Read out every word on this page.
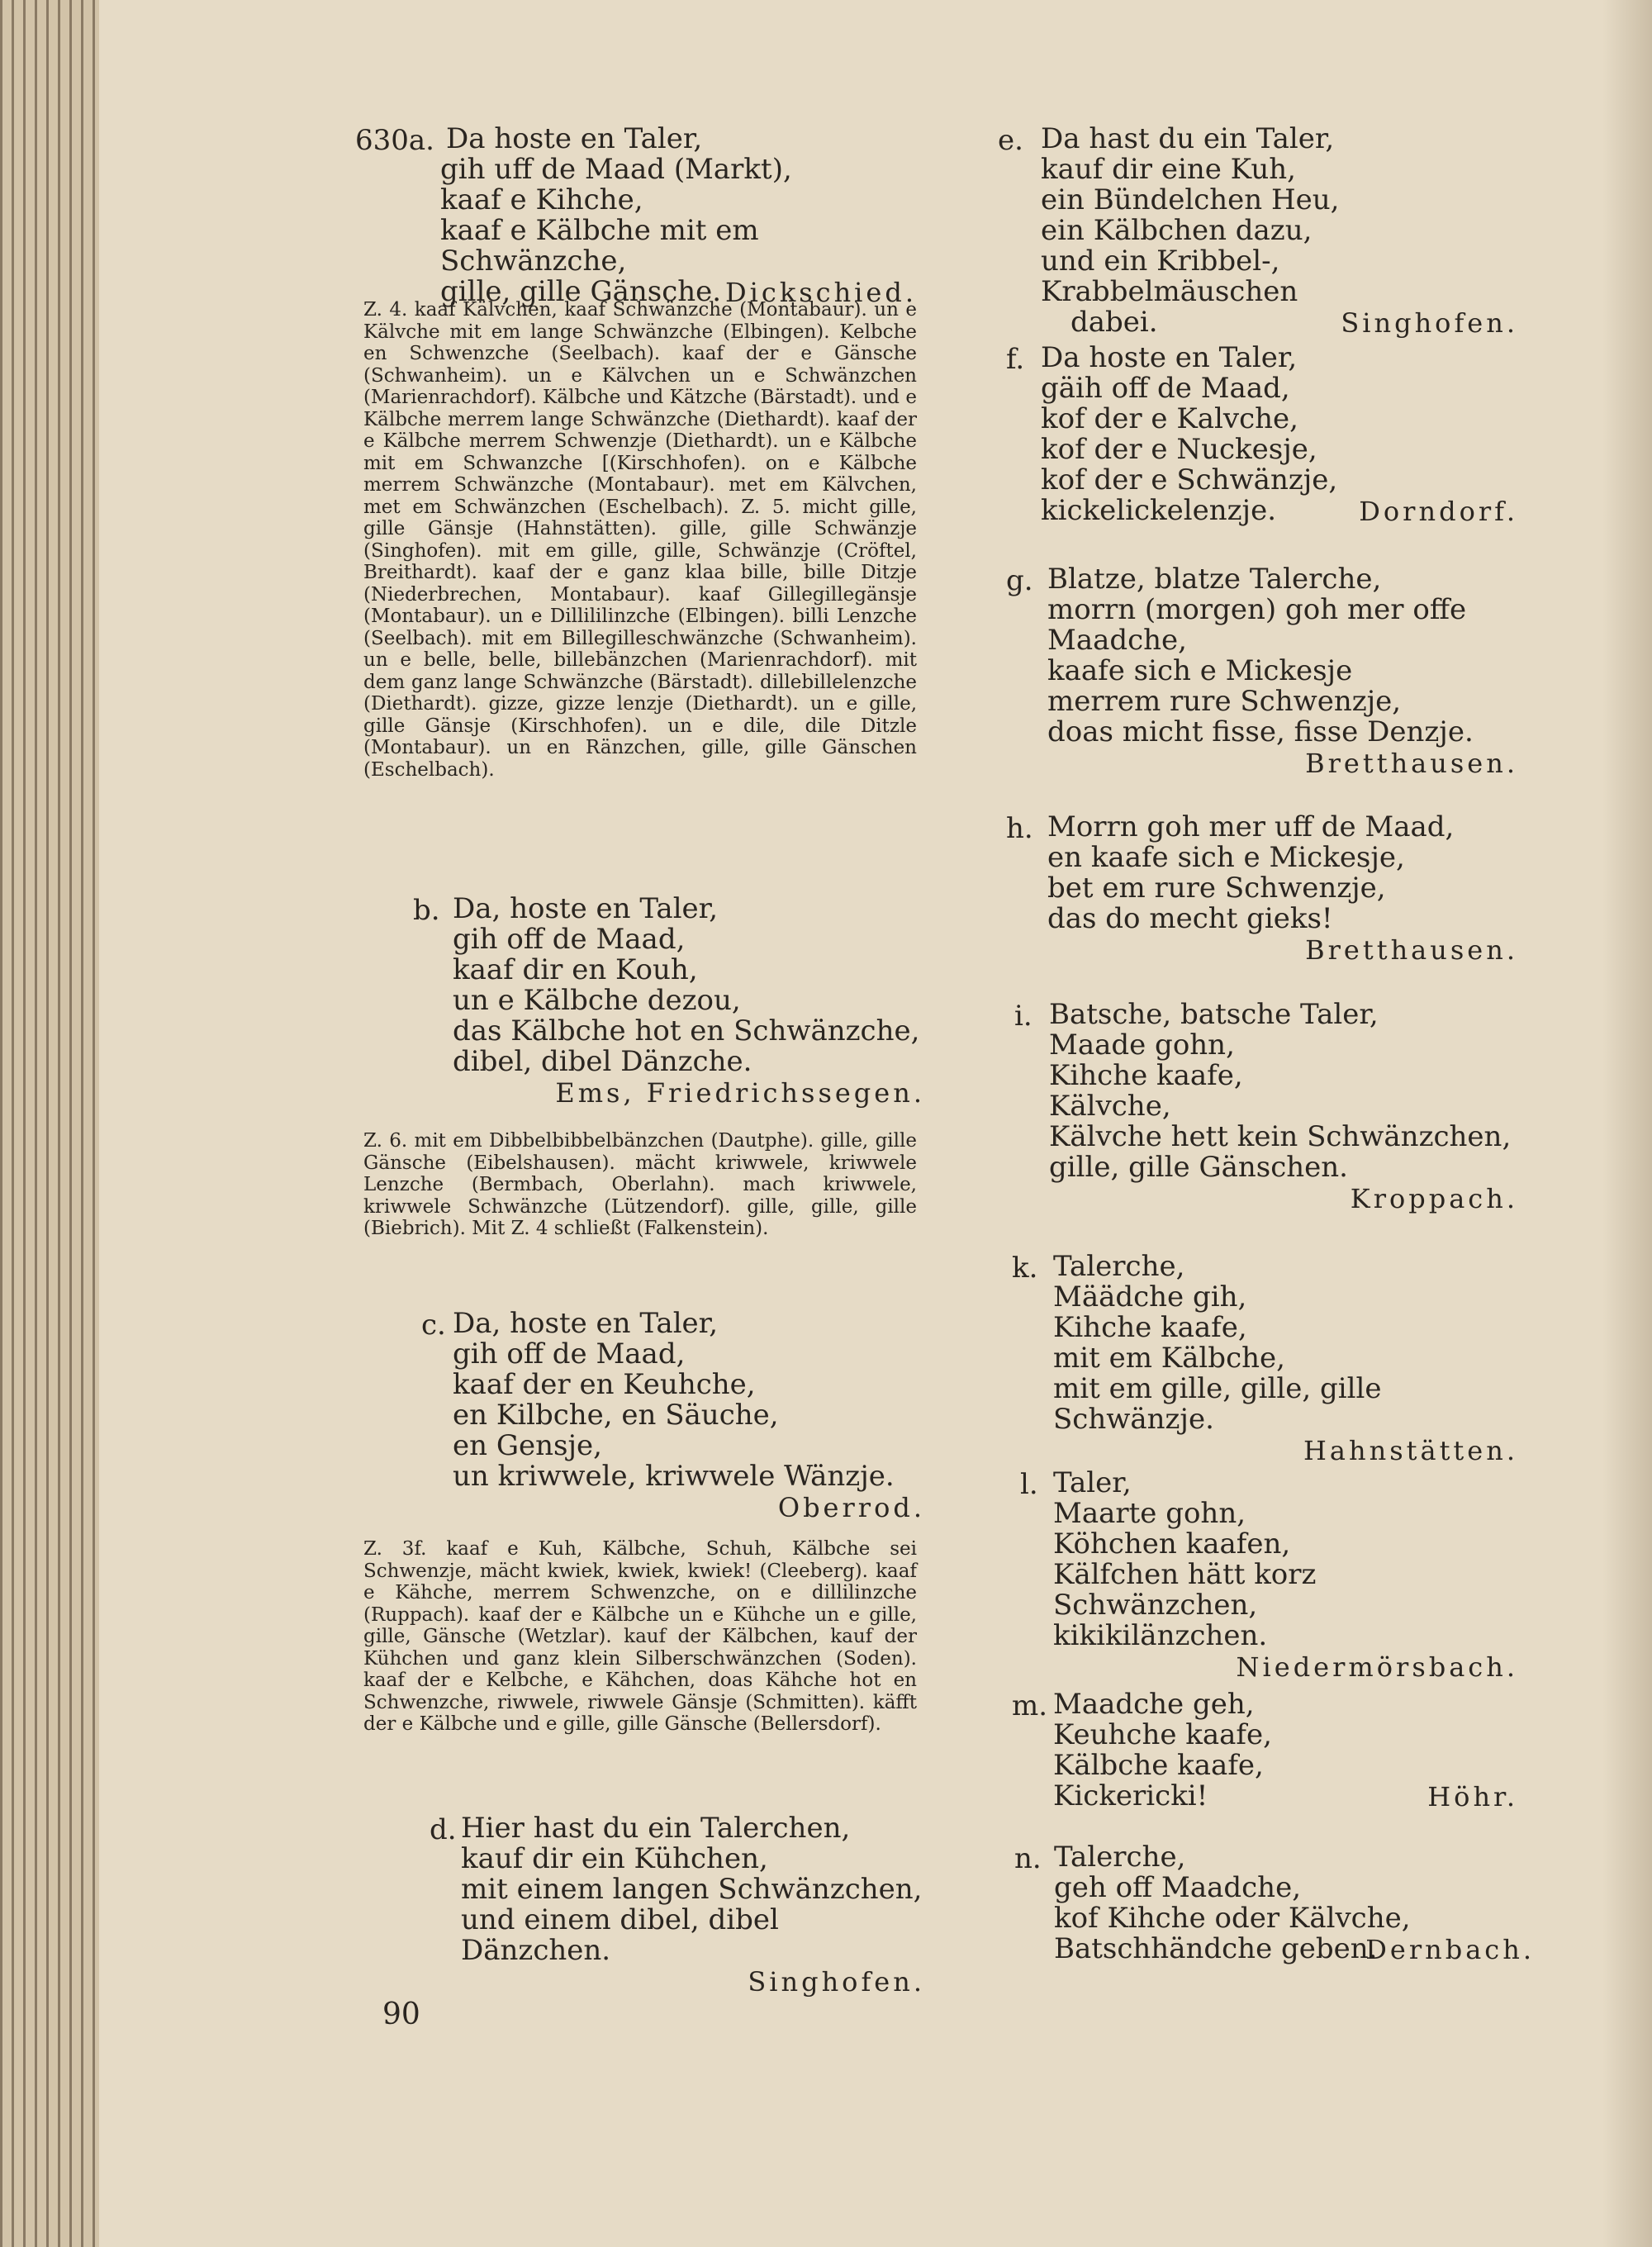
630a. Da hoste en Taler,
gih uff de Maad (Markt),
kaaf e Kihche,
kaaf e Kälbche mit em Schwänzche,
gille, gille Gänsche. Dickschied.
Z. 4. kaaf Kälvchen, kaaf Schwänzche (Montabaur). un e Kälvche mit em lange Schwänzche (Elbingen). Kelbche en Schwenzche (Seelbach). kaaf der e Gänsche (Schwanheim). un e Kälvchen un e Schwänzchen (Marienrachdorf). Kälbche und Kätzche (Bärstadt). und e Kälbche merrem lange Schwänzche (Diethardt). kaaf der e Kälbche merrem Schwenzje (Diethardt). un e Kälbche mit em Schwanzche [(Kirschhofen). on e Kälbche merrem Schwänzche (Montabaur). met em Kälvchen, met em Schwänzchen (Eschelbach). Z. 5. micht gille, gille Gänsje (Hahnstätten). gille, gille Schwänzje (Singhofen). mit em gille, gille, Schwänzje (Cröftel, Breithardt). kaaf der e ganz klaa bille, bille Ditzje (Niederbrechen, Montabaur). kaaf Gillegillegänsje (Montabaur). un e Dillililinzche (Elbingen). billi Lenzche (Seelbach). mit em Billegilleschwänzche (Schwanheim). un e belle, belle, billebänzchen (Marienrachdorf). mit dem ganz lange Schwänzche (Bärstadt). dillebillelenzche (Diethardt). gizze, gizze lenzje (Diethardt). un e gille, gille Gänsje (Kirschhofen). un e dile, dile Ditzle (Montabaur). un en Ränzchen, gille, gille Gänschen (Eschelbach).
b. Da, hoste en Taler,
gih off de Maad,
kaaf dir en Kouh,
un e Kälbche dezou,
das Kälbche hot en Schwänzche,
dibel, dibel Dänzche.
Ems, Friedrichssegen.
Z. 6. mit em Dibbelbibbelbänzchen (Dautphe). gille, gille Gänsche (Eibelshausen). mächt kriwwele, kriwwele Lenzche (Bermbach, Oberlahn). mach kriwwele, kriwwele Schwänzche (Lützendorf). gille, gille, gille (Biebrich). Mit Z. 4 schließt (Falkenstein).
c. Da, hoste en Taler,
gih off de Maad,
kaaf der en Keuhche,
en Kilbche, en Säuche,
en Gensje,
un kriwwele, kriwwele Wänzje.
Oberrod.
Z. 3f. kaaf e Kuh, Kälbche, Schuh, Kälbche sei Schwenzje, mächt kwiek, kwiek, kwiek! (Cleeberg). kaaf e Kähche, merrem Schwenzche, on e dillilinzche (Ruppach). kaaf der e Kälbche un e Kühche un e gille, gille, Gänsche (Wetzlar). kauf der Kälbchen, kauf der Kühchen und ganz klein Silberschwänzchen (Soden). kaaf der e Kelbche, e Kähchen, doas Kähche hot en Schwenzche, riwwele, riwwele Gänsje (Schmitten). käfft der e Kälbche und e gille, gille Gänsche (Bellersdorf).
d. Hier hast du ein Talerchen,
kauf dir ein Kühchen,
mit einem langen Schwänzchen,
und einem dibel, dibel Dänzchen.
Singhofen.
90
e. Da hast du ein Taler,
kauf dir eine Kuh,
ein Bündelchen Heu,
ein Kälbchen dazu,
und ein Kribbel-, Krabbelmäuschen
dabei.	Singhofen.
f. Da hoste en Taler,
gäih off de Maad,
kof der e Kalvche,
kof der e Nuckesje,
kof der e Schwänzje,
kickelickelenzje.	Dorndorf.
g. Blatze, blatze Talerche,
morrn (morgen) goh mer offe
Maadche,
kaafe sich e Mickesje
merrem rure Schwenzje,
doas micht fisse, fisse Denzje.
Bretthausen.
h. Morrn goh mer uff de Maad,
en kaafe sich e Mickesje,
bet em rure Schwenzje,
das do mecht gieks!
Bretthausen.
i. Batsche, batsche Taler,
Maade gohn,
Kihche kaafe,
Kälvche,
Kälvche hett kein Schwänzchen,
gille, gille Gänschen.
Kroppach.
k. Talerche,
Määdche gih,
Kihche kaafe,
mit em Kälbche,
mit em gille, gille, gille Schwänzje.
Hahnstätten.
l. Taler,
Maarte gohn,
Köhchen kaafen,
Kälfchen hätt korz Schwänzchen,
kikikilänzchen.
Niedermörsbach.
m. Maadche geh,
Keuhche kaafe,
Kälbche kaafe,
Kickericki!	Höhr.
n. Talerche,
geh off Maadche,
kof Kihche oder Kälvche,
Batschhändche geben.
Dernbach.
